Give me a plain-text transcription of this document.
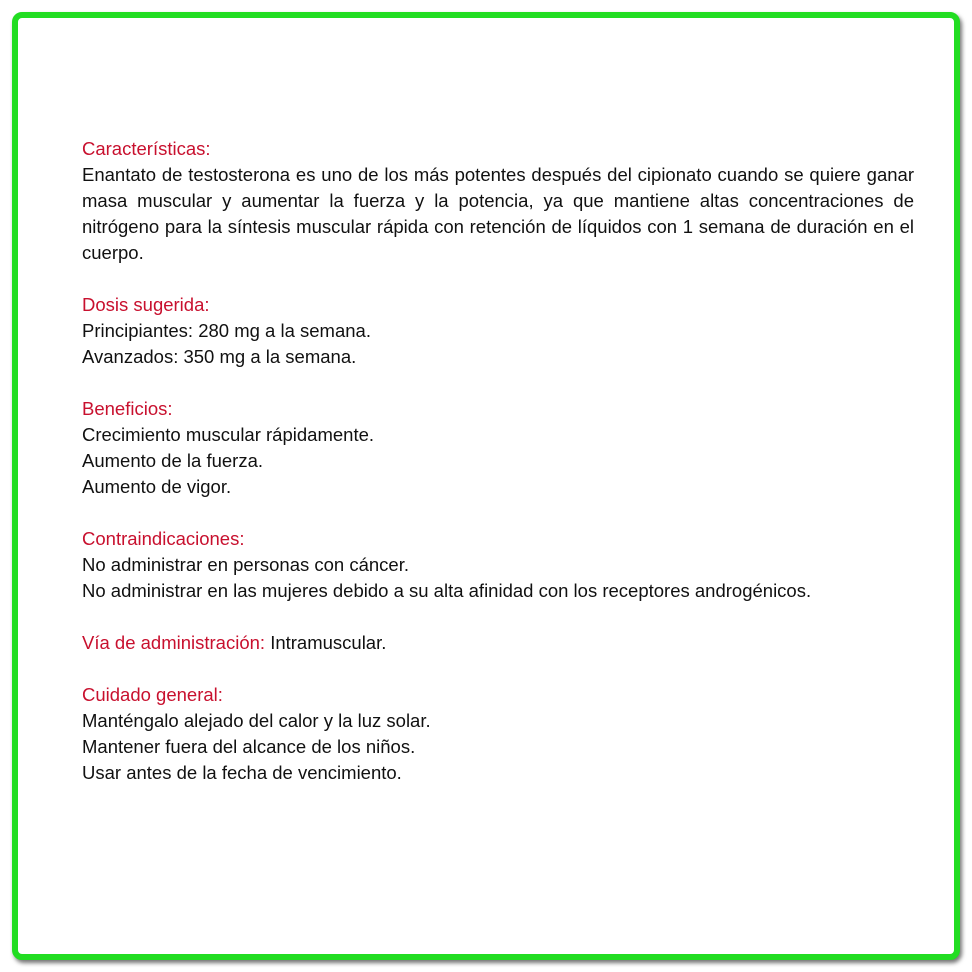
Características:
Enantato de testosterona es uno de los más potentes después del cipionato cuando se quiere ganar masa muscular y aumentar la fuerza y la potencia, ya que mantiene altas concentraciones de nitrógeno para la síntesis muscular rápida con retención de líquidos con 1 semana de duración en el cuerpo.
Dosis sugerida:
Principiantes: 280 mg a la semana.
Avanzados: 350 mg a la semana.
Beneficios:
Crecimiento muscular rápidamente.
Aumento de la fuerza.
Aumento de vigor.
Contraindicaciones:
No administrar en personas con cáncer.
No administrar en las mujeres debido a su alta afinidad con los receptores androgénicos.
Vía de administración: Intramuscular.
Cuidado general:
Manténgalo alejado del calor y la luz solar.
Mantener fuera del alcance de los niños.
Usar antes de la fecha de vencimiento.
